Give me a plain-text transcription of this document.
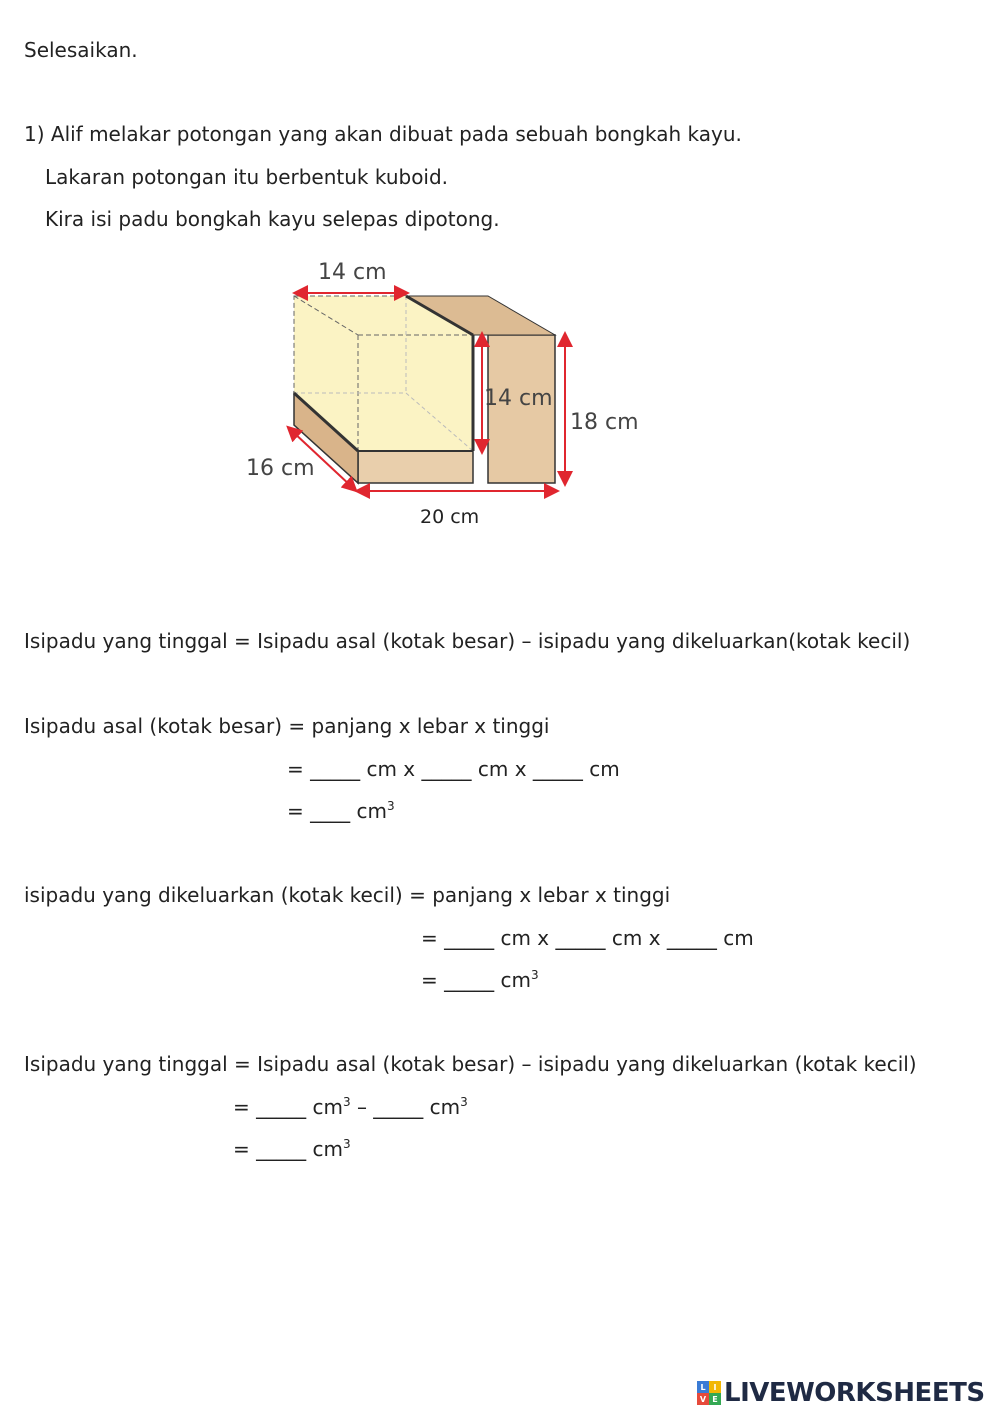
Selesaikan.
1) Alif melakar potongan yang akan dibuat pada sebuah bongkah kayu.
Lakaran potongan itu berbentuk kuboid.
Kira isi padu bongkah kayu selepas dipotong.
14 cm
14 cm
18 cm
16 cm
20 cm
Isipadu yang tinggal = Isipadu asal (kotak besar) – isipadu yang dikeluarkan(kotak kecil)
Isipadu asal (kotak besar) = panjang x lebar x tinggi
= _____ cm x _____ cm x _____ cm
= ____ $cm^3$
isipadu yang dikeluarkan (kotak kecil) = panjang x lebar x tinggi
= _____ cm x _____ cm x _____ cm
= _____ $cm^3$
Isipadu yang tinggal = Isipadu asal (kotak besar) – isipadu yang dikeluarkan (kotak kecil)
= _____ $cm^3$ – _____ $cm^3$
= _____ $cm^3$
L I
V E LIVEWORKSHEETS
